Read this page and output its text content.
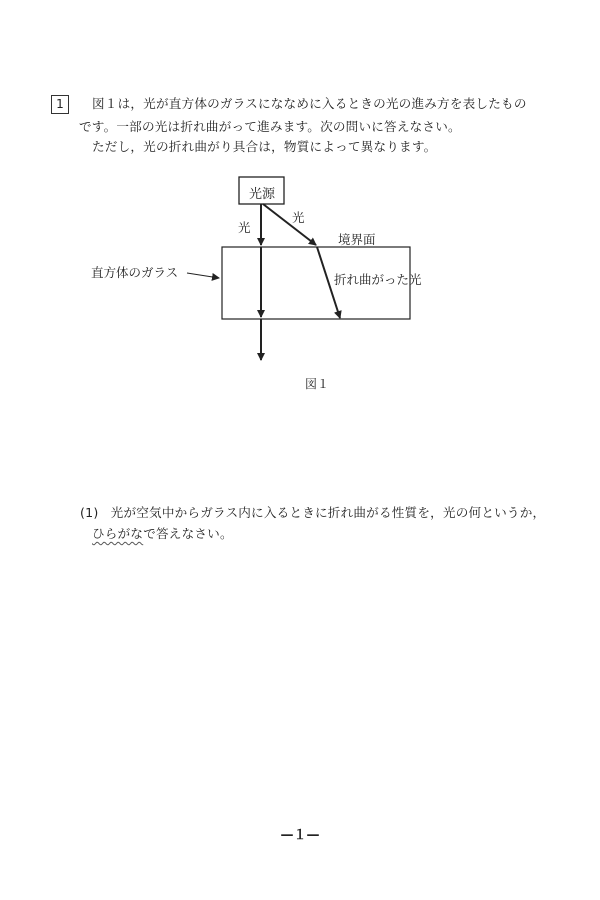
1	図１は，光が直方体のガラスにななめに入るときの光の進み方を表したもの
です。一部の光は折れ曲がって進みます。次の問いに答えなさい。
ただし，光の折れ曲がり具合は，物質によって異なります。
光源
光
光
境界面
直方体のガラス	折れ曲がった光
図１
(1) 光が空気中からガラス内に入るときに折れ曲がる性質を，光の何というか，
ひらがなで答えなさい。
—１—
